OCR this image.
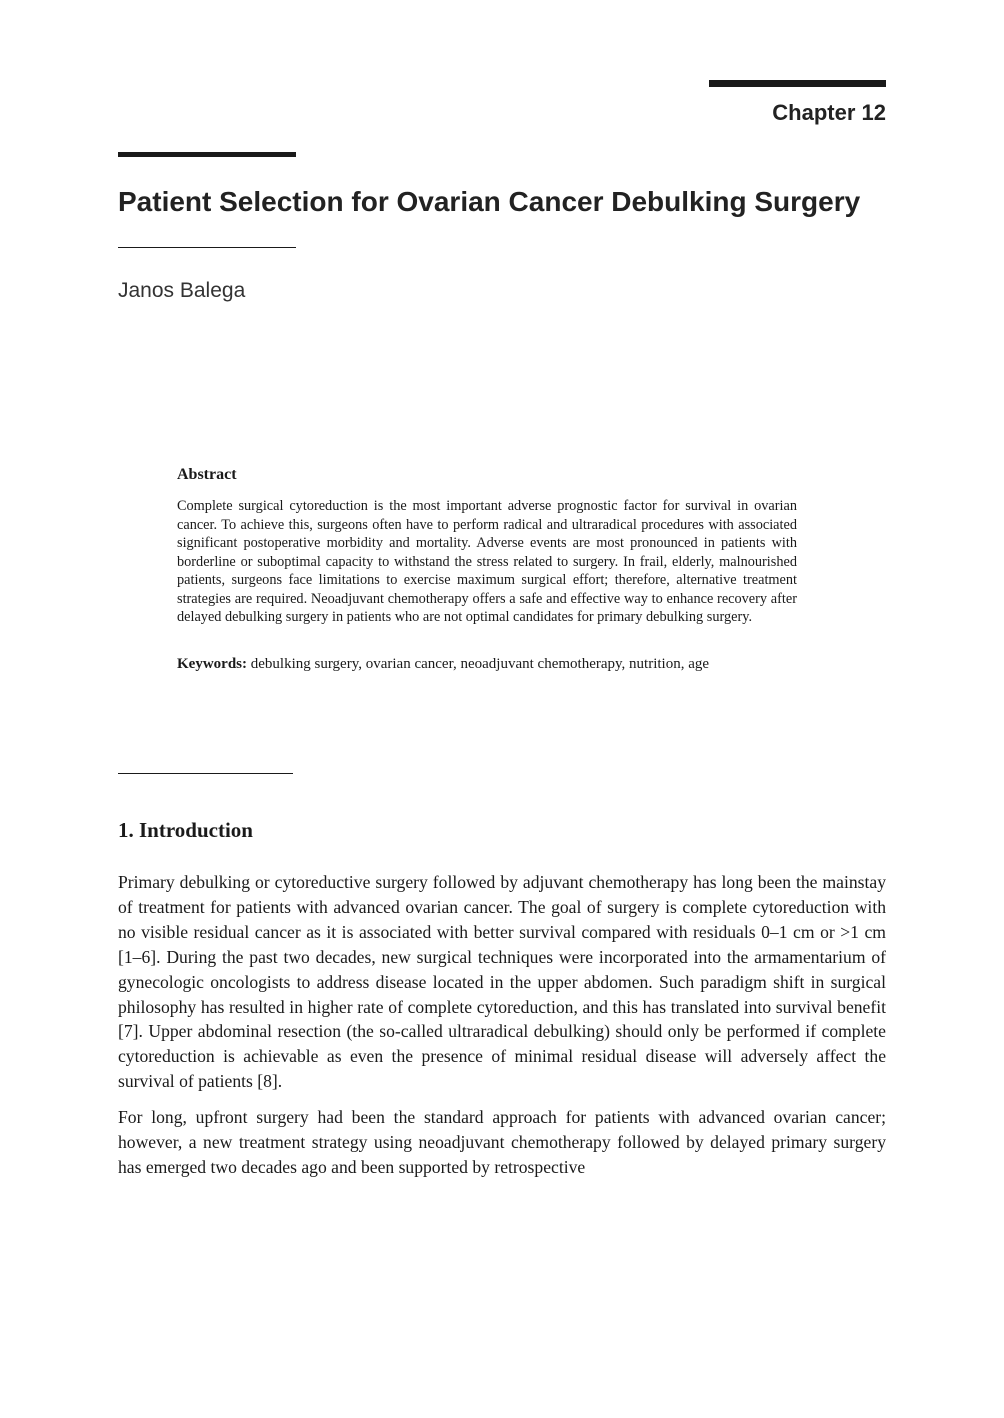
Chapter 12
Patient Selection for Ovarian Cancer Debulking Surgery
Janos Balega
Abstract

Complete surgical cytoreduction is the most important adverse prognostic factor for survival in ovarian cancer. To achieve this, surgeons often have to perform radical and ultraradical procedures with associated significant postoperative morbidity and mortality. Adverse events are most pronounced in patients with borderline or suboptimal capacity to withstand the stress related to surgery. In frail, elderly, malnourished patients, surgeons face limitations to exercise maximum surgical effort; therefore, alternative treatment strategies are required. Neoadjuvant chemotherapy offers a safe and effective way to enhance recovery after delayed debulking surgery in patients who are not optimal candidates for primary debulking surgery.

Keywords: debulking surgery, ovarian cancer, neoadjuvant chemotherapy, nutrition, age
1. Introduction

Primary debulking or cytoreductive surgery followed by adjuvant chemotherapy has long been the mainstay of treatment for patients with advanced ovarian cancer. The goal of surgery is complete cytoreduction with no visible residual cancer as it is associated with better survival compared with residuals 0–1 cm or >1 cm [1–6]. During the past two decades, new surgical techniques were incorporated into the armamentarium of gynecologic oncologists to address disease located in the upper abdomen. Such paradigm shift in surgical philosophy has resulted in higher rate of complete cytoreduction, and this has translated into survival benefit [7]. Upper abdominal resection (the so-called ultraradical debulking) should only be performed if complete cytoreduction is achievable as even the presence of minimal residual disease will adversely affect the survival of patients [8].

For long, upfront surgery had been the standard approach for patients with advanced ovarian cancer; however, a new treatment strategy using neoadjuvant chemotherapy followed by delayed primary surgery has emerged two decades ago and been supported by retrospective
